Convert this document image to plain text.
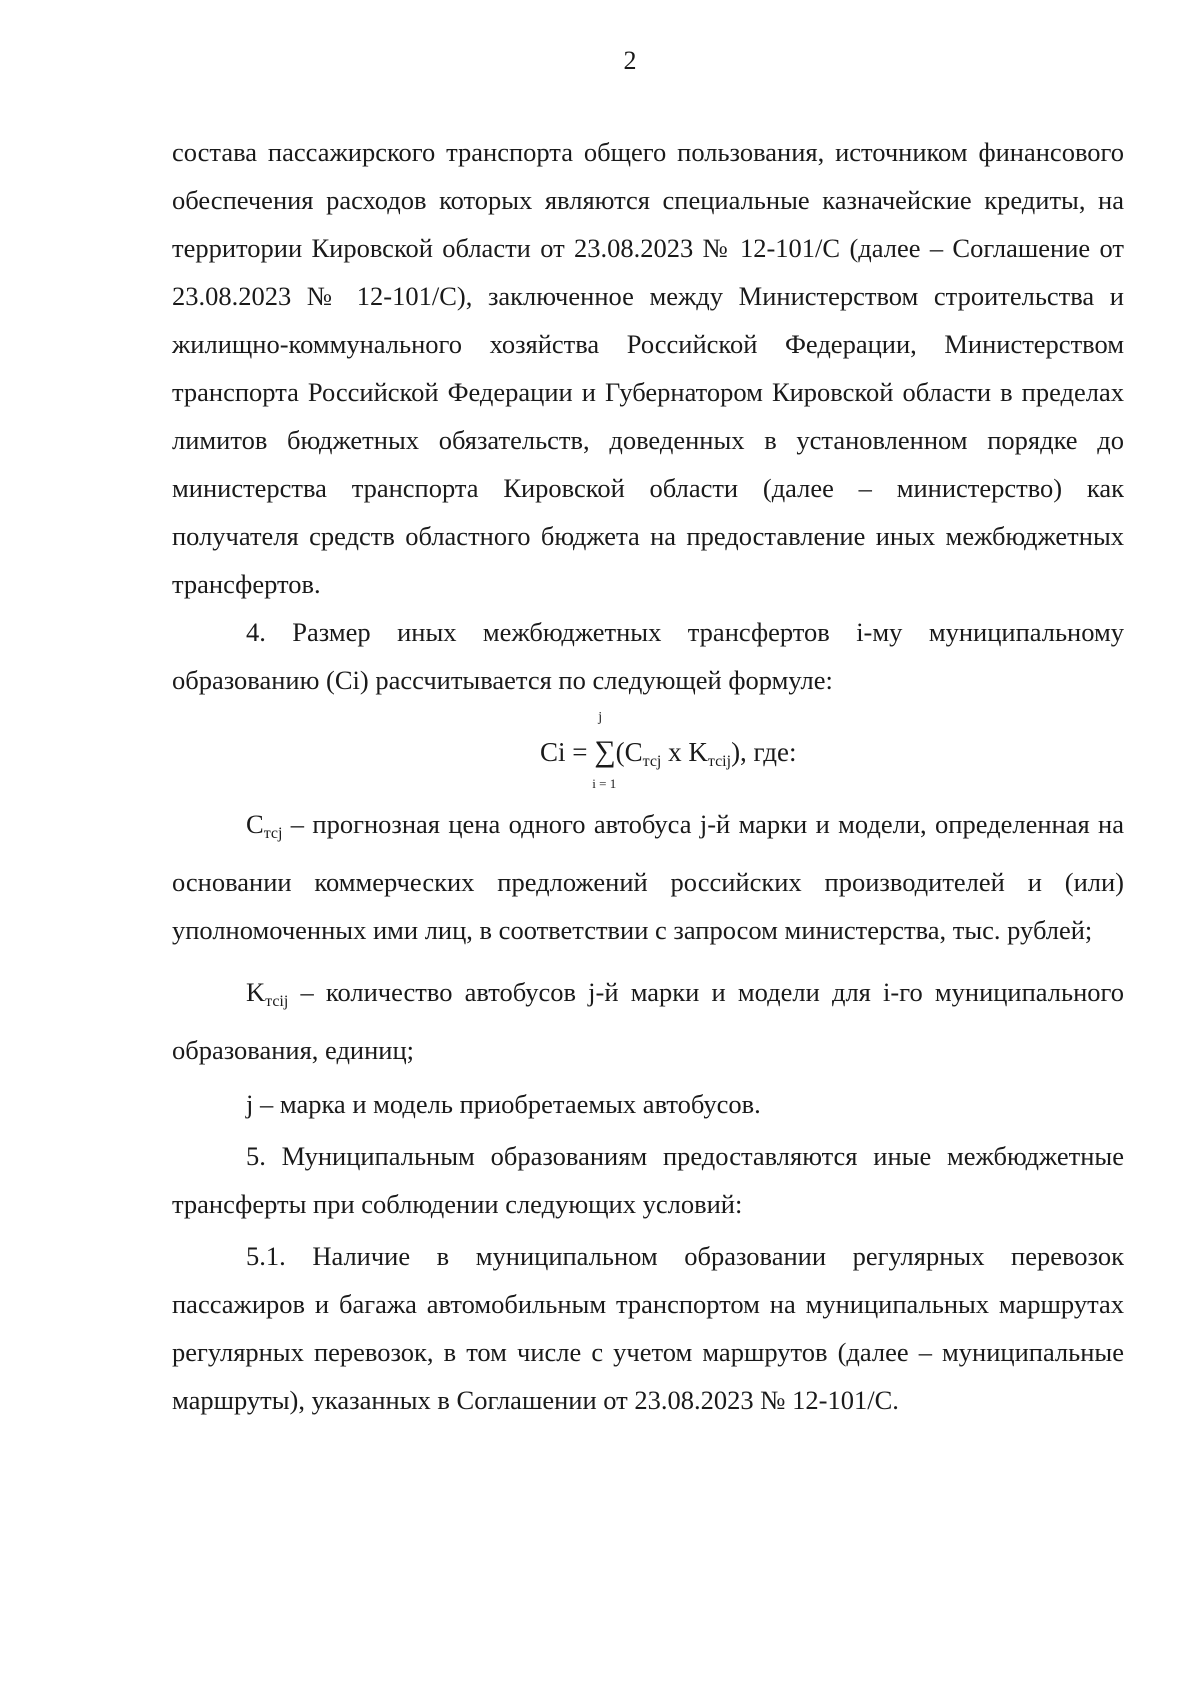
2

состава пассажирского транспорта общего пользования, источником финансового обеспечения расходов которых являются специальные казначейские кредиты, на территории Кировской области от 23.08.2023 № 12-101/С (далее – Соглашение от 23.08.2023 № 12-101/С), заключенное между Министерством строительства и жилищно-коммунального хозяйства Российской Федерации, Министерством транспорта Российской Федерации и Губернатором Кировской области в пределах лимитов бюджетных обязательств, доведенных в установленном порядке до министерства транспорта Кировской области (далее – министерство) как получателя средств областного бюджета на предоставление иных межбюджетных трансфертов.

4. Размер иных межбюджетных трансфертов i-му муниципальному образованию (Ci) рассчитывается по следующей формуле:

Ci =
j
∑
i = 1
($C_{тсj}$ х $K_{тсij}$), где:

$C_{тсj}$ – прогнозная цена одного автобуса j-й марки и модели, определенная на основании коммерческих предложений российских производителей и (или) уполномоченных ими лиц, в соответствии с запросом министерства, тыс. рублей;

$K_{тсij}$ – количество автобусов j-й марки и модели для i-го муниципального образования, единиц;

j – марка и модель приобретаемых автобусов.

5. Муниципальным образованиям предоставляются иные межбюджетные трансферты при соблюдении следующих условий:

5.1. Наличие в муниципальном образовании регулярных перевозок пассажиров и багажа автомобильным транспортом на муниципальных маршрутах регулярных перевозок, в том числе с учетом маршрутов (далее – муниципальные маршруты), указанных в Соглашении от 23.08.2023 № 12-101/С.
